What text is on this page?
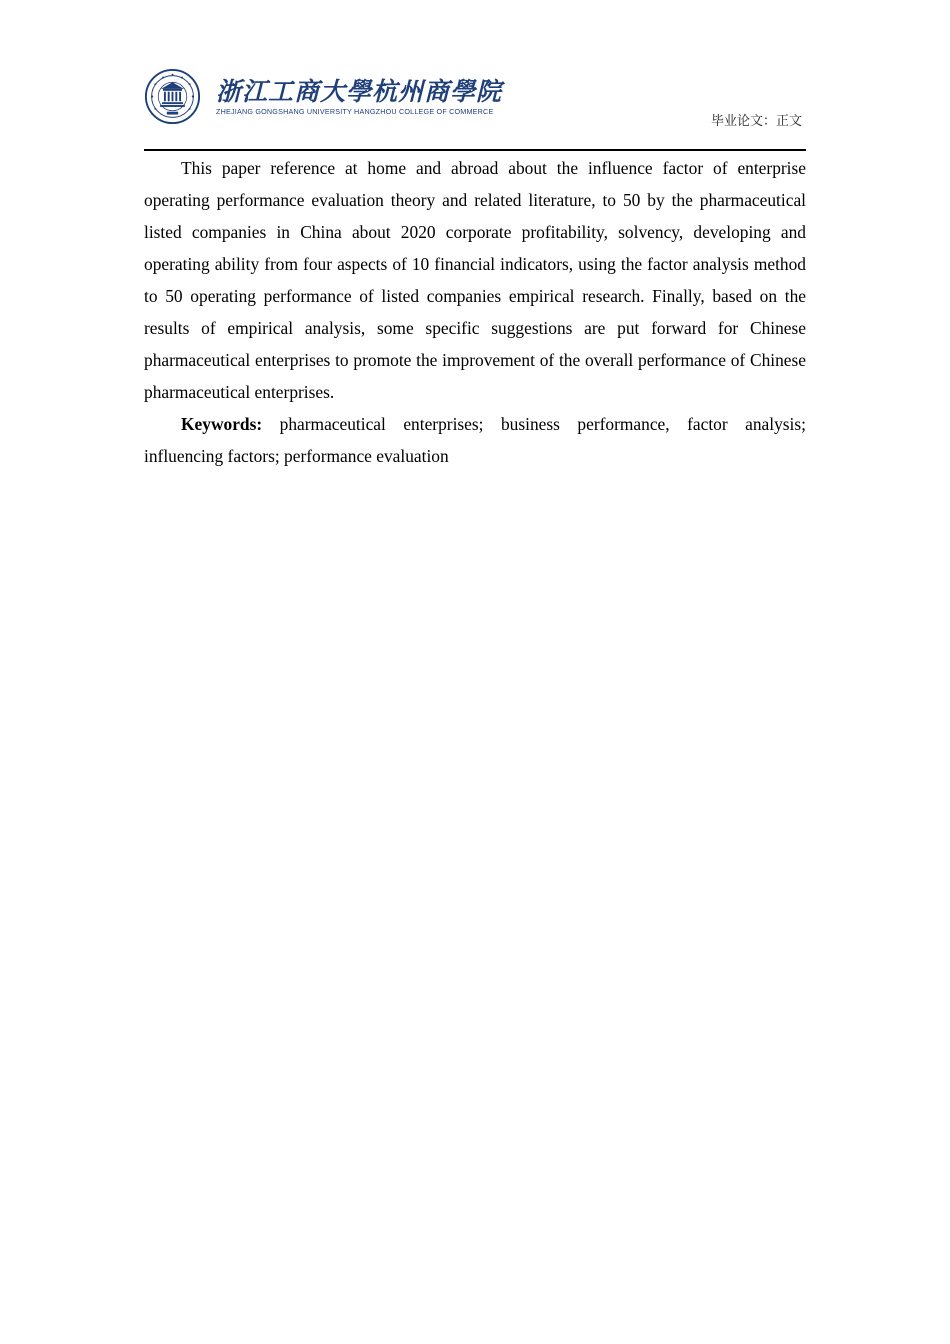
浙江工商大學杭州商學院
ZHEJIANG GONGSHANG UNIVERSITY HANGZHOU COLLEGE OF COMMERCE
毕业论文：正文

This paper reference at home and abroad about the influence factor of enterprise operating performance evaluation theory and related literature, to 50 by the pharmaceutical listed companies in China about 2020 corporate profitability, solvency, developing and operating ability from four aspects of 10 financial indicators, using the factor analysis method to 50 operating performance of listed companies empirical research. Finally, based on the results of empirical analysis, some specific suggestions are put forward for Chinese pharmaceutical enterprises to promote the improvement of the overall performance of Chinese pharmaceutical enterprises.

Keywords: pharmaceutical enterprises; business performance, factor analysis; influencing factors; performance evaluation
